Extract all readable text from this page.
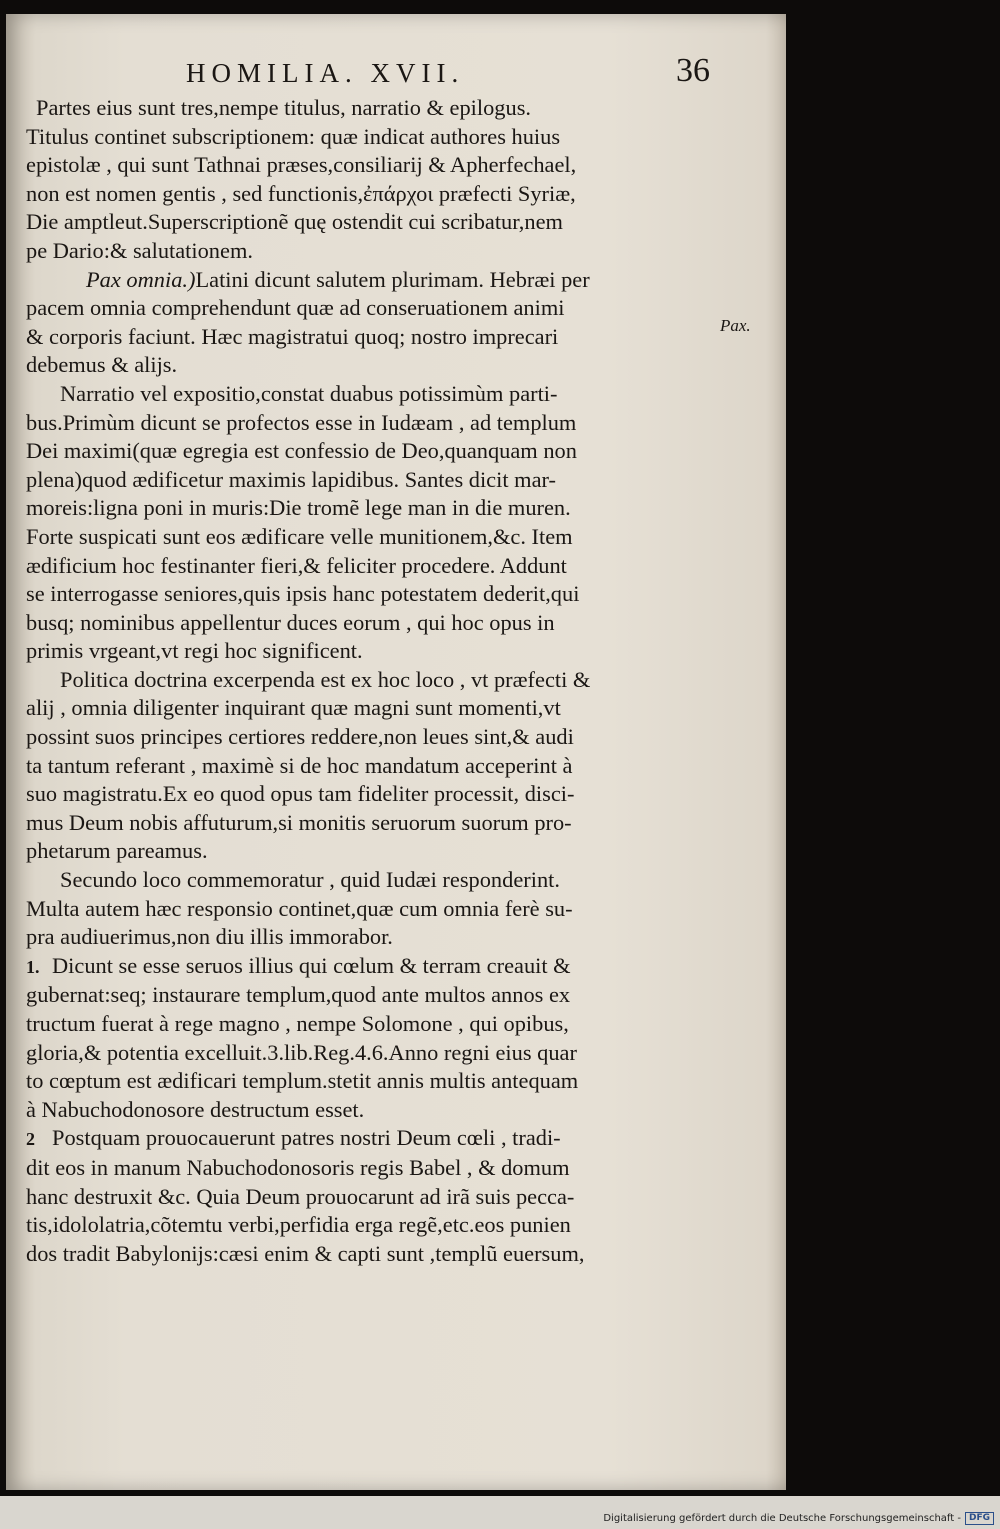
HOMILIA. XVII.	36
Pax.

Partes eius sunt tres,nempe titulus, narratio & epilogus.

Titulus continet subscriptionem: quæ indicat authores huius

epistolæ , qui sunt Tathnai præses,consiliarij & Apherfechael,

non est nomen gentis , sed functionis,ἐπάρχοι præfecti Syriæ,

Die amptleut.Superscriptionẽ quę ostendit cui scribatur,nem

pe Dario:& salutationem.

Pax omnia.)Latini dicunt salutem plurimam. Hebræi per

pacem omnia comprehendunt quæ ad conseruationem animi

& corporis faciunt. Hæc magistratui quoq; nostro imprecari

debemus & alijs.

Narratio vel expositio,constat duabus potissimùm parti-

bus.Primùm dicunt se profectos esse in Iudæam , ad templum

Dei maximi(quæ egregia est confessio de Deo,quanquam non

plena)quod ædificetur maximis lapidibus. Santes dicit mar-

moreis:ligna poni in muris:Die tromẽ lege man in die muren.

Forte suspicati sunt eos ædificare velle munitionem,&c. Item

ædificium hoc festinanter fieri,& feliciter procedere. Addunt

se interrogasse seniores,quis ipsis hanc potestatem dederit,qui

busq; nominibus appellentur duces eorum , qui hoc opus in

primis vrgeant,vt regi hoc significent.

Politica doctrina excerpenda est ex hoc loco , vt præfecti &

alij , omnia diligenter inquirant quæ magni sunt momenti,vt

possint suos principes certiores reddere,non leues sint,& audi

ta tantum referant , maximè si de hoc mandatum acceperint à

suo magistratu.Ex eo quod opus tam fideliter processit, disci-

mus Deum nobis affuturum,si monitis seruorum suorum pro-

phetarum pareamus.

Secundo loco commemoratur , quid Iudæi responderint.

Multa autem hæc responsio continet,quæ cum omnia ferè su-

pra audiuerimus,non diu illis immorabor.

1. Dicunt se esse seruos illius qui cœlum & terram creauit &

gubernat:seq; instaurare templum,quod ante multos annos ex

tructum fuerat à rege magno , nempe Solomone , qui opibus,

gloria,& potentia excelluit.3.lib.Reg.4.6.Anno regni eius quar

to cœptum est ædificari templum.stetit annis multis antequam

à Nabuchodonosore destructum esset.

2 Postquam prouocauerunt patres nostri Deum cœli , tradi-

dit eos in manum Nabuchodonosoris regis Babel , & domum

hanc destruxit &c. Quia Deum prouocarunt ad irã suis pecca-

tis,idololatria,cõtemtu verbi,perfidia erga regẽ,etc.eos punien

dos tradit Babylonijs:cæsi enim & capti sunt ,templũ euersum,

Digitalisierung gefördert durch die Deutsche Forschungsgemeinschaft - DFG
